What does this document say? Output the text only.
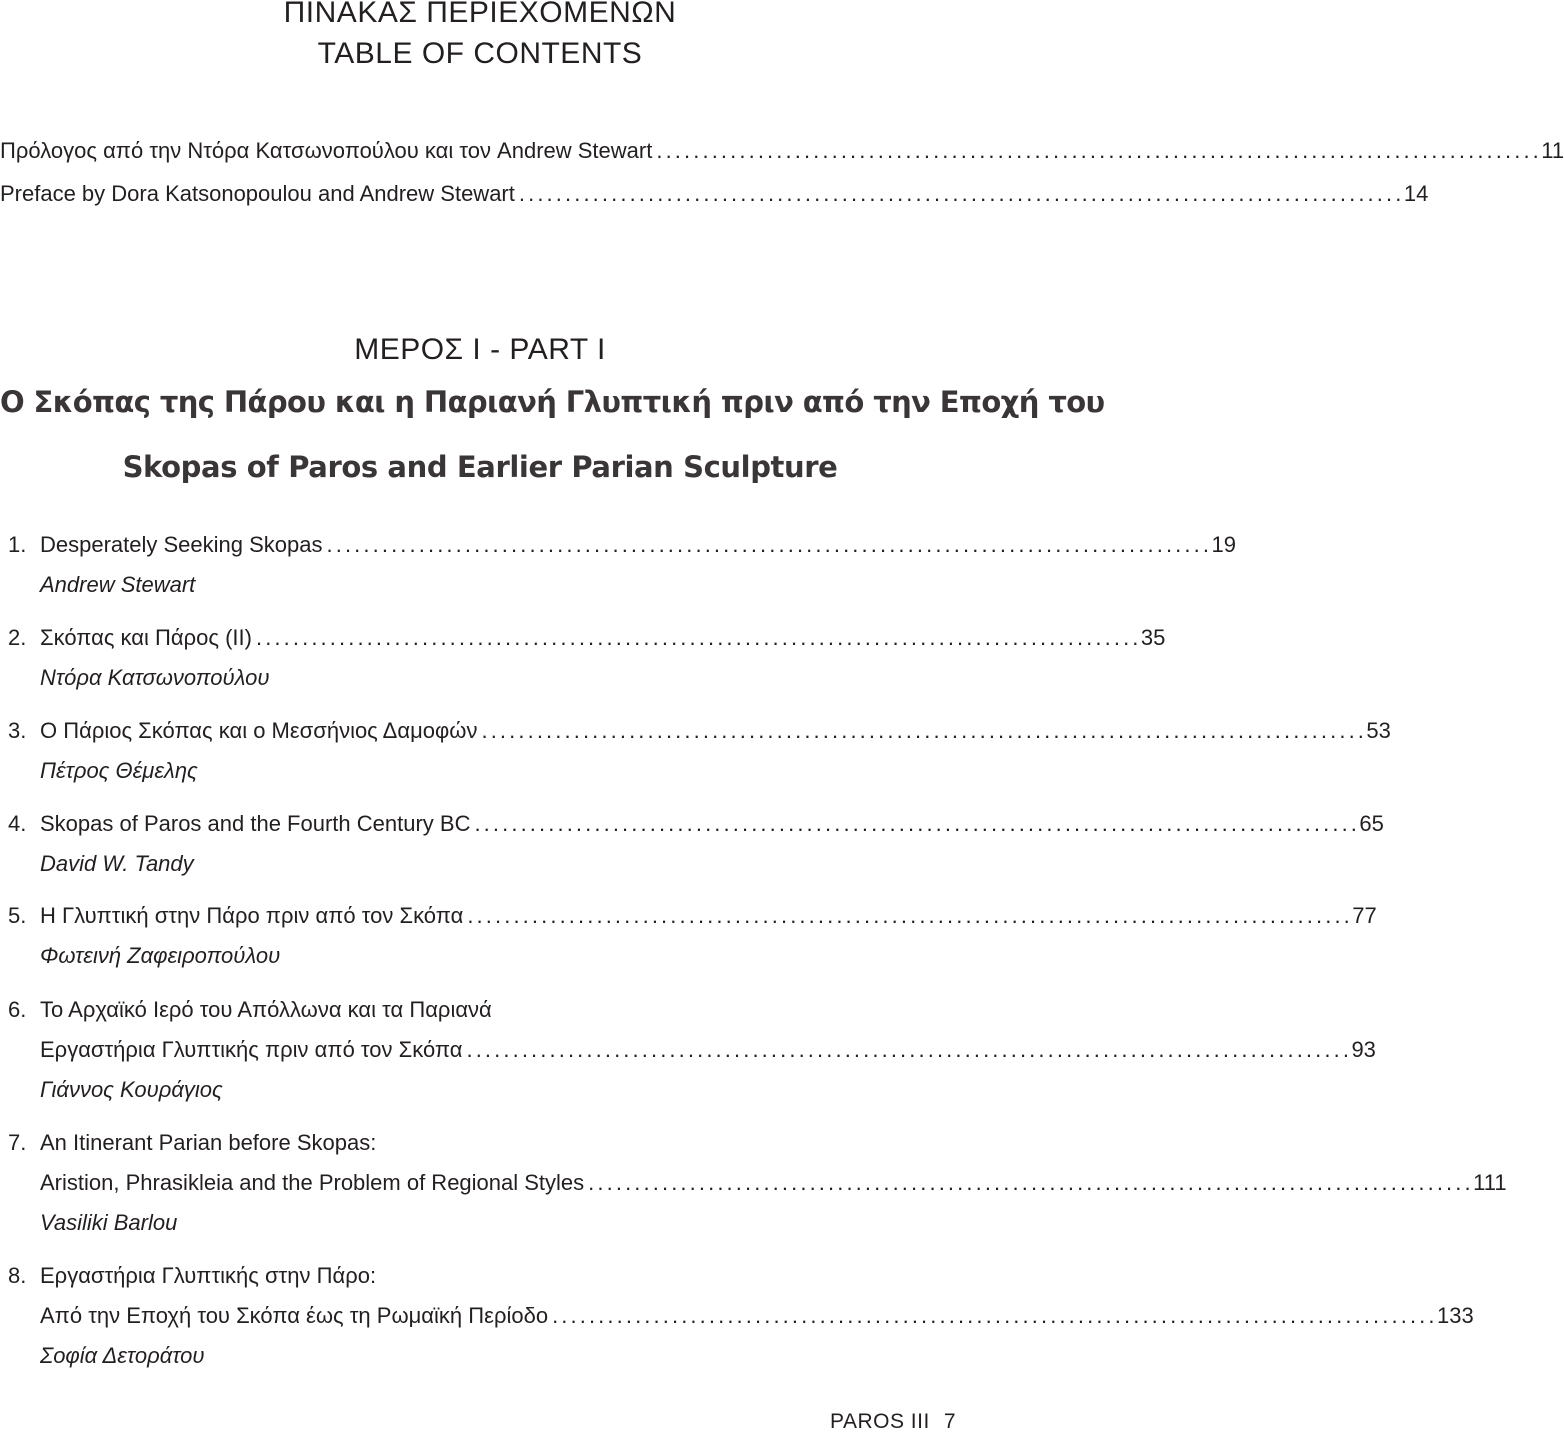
ΠΙΝΑΚΑΣ ΠΕΡΙΕΧΟΜΕΝΩΝ
TABLE OF CONTENTS
Πρόλογος από την Ντόρα Κατσωνοπούλου και τον Andrew Stewart . . .	11
Preface by Dora Katsonopoulou and Andrew Stewart . . .	14
ΜΕΡΟΣ I - PART I
Ο Σκόπας της Πάρου και η Παριανή Γλυπτική πριν από την Εποχή του
Skopas of Paros and Earlier Parian Sculpture
1. Desperately Seeking Skopas . . .	19
Andrew Stewart
2. Σκόπας και Πάρος (ΙΙ) . . .	35
Ντόρα Κατσωνοπούλου
3. Ο Πάριος Σκόπας και ο Μεσσήνιος Δαμοφών . . .	53
Πέτρος Θέμελης
4. Skopas of Paros and the Fourth Century BC . . .	65
David W. Tandy
5. Η Γλυπτική στην Πάρο πριν από τον Σκόπα . . .	77
Φωτεινή Ζαφειροπούλου
6. Το Αρχαϊκό Ιερό του Απόλλωνα και τα Παριανά
Εργαστήρια Γλυπτικής πριν από τον Σκόπα . . .	93
Γιάννος Κουράγιος
7. An Itinerant Parian before Skopas:
Aristion, Phrasikleia and the Problem of Regional Styles . . .	111
Vasiliki Barlou
8. Εργαστήρια Γλυπτικής στην Πάρο:
Από την Εποχή του Σκόπα έως τη Ρωμαϊκή Περίοδο . . .	133
Σοφία Δετοράτου
PAROS III 7
